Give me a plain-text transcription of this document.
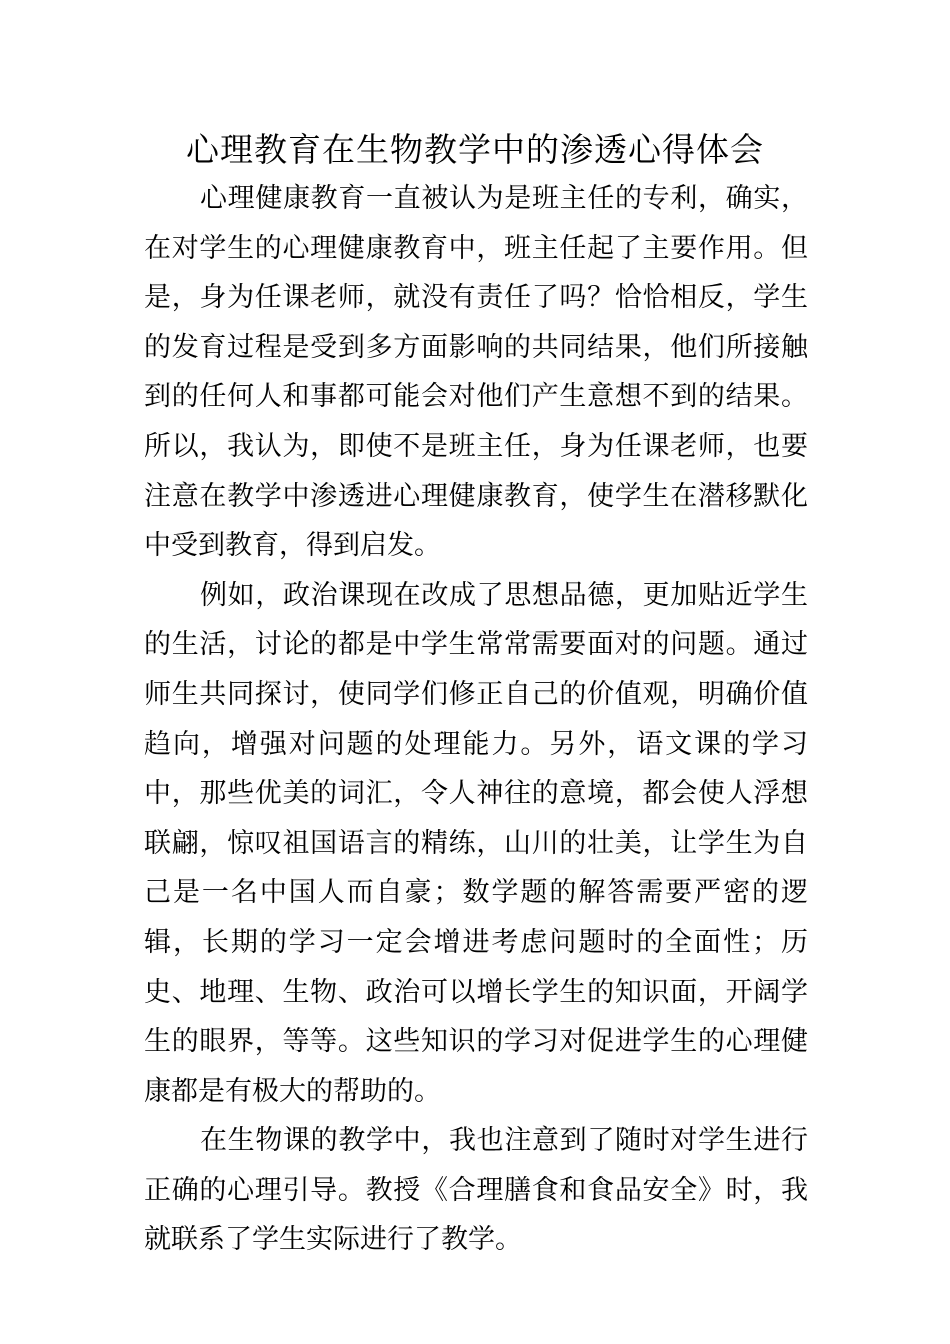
心理教育在生物教学中的渗透心得体会

心理健康教育一直被认为是班主任的专利，确实，在对学生的心理健康教育中，班主任起了主要作用。但是，身为任课老师，就没有责任了吗？恰恰相反，学生的发育过程是受到多方面影响的共同结果，他们所接触到的任何人和事都可能会对他们产生意想不到的结果。所以，我认为，即使不是班主任，身为任课老师，也要注意在教学中渗透进心理健康教育，使学生在潜移默化中受到教育，得到启发。

例如，政治课现在改成了思想品德，更加贴近学生的生活，讨论的都是中学生常常需要面对的问题。通过师生共同探讨，使同学们修正自己的价值观，明确价值趋向，增强对问题的处理能力。另外，语文课的学习中，那些优美的词汇，令人神往的意境，都会使人浮想联翩，惊叹祖国语言的精练，山川的壮美，让学生为自己是一名中国人而自豪；数学题的解答需要严密的逻辑，长期的学习一定会增进考虑问题时的全面性；历史、地理、生物、政治可以增长学生的知识面，开阔学生的眼界，等等。这些知识的学习对促进学生的心理健康都是有极大的帮助的。

在生物课的教学中，我也注意到了随时对学生进行正确的心理引导。教授《合理膳食和食品安全》时，我就联系了学生实际进行了教学。
